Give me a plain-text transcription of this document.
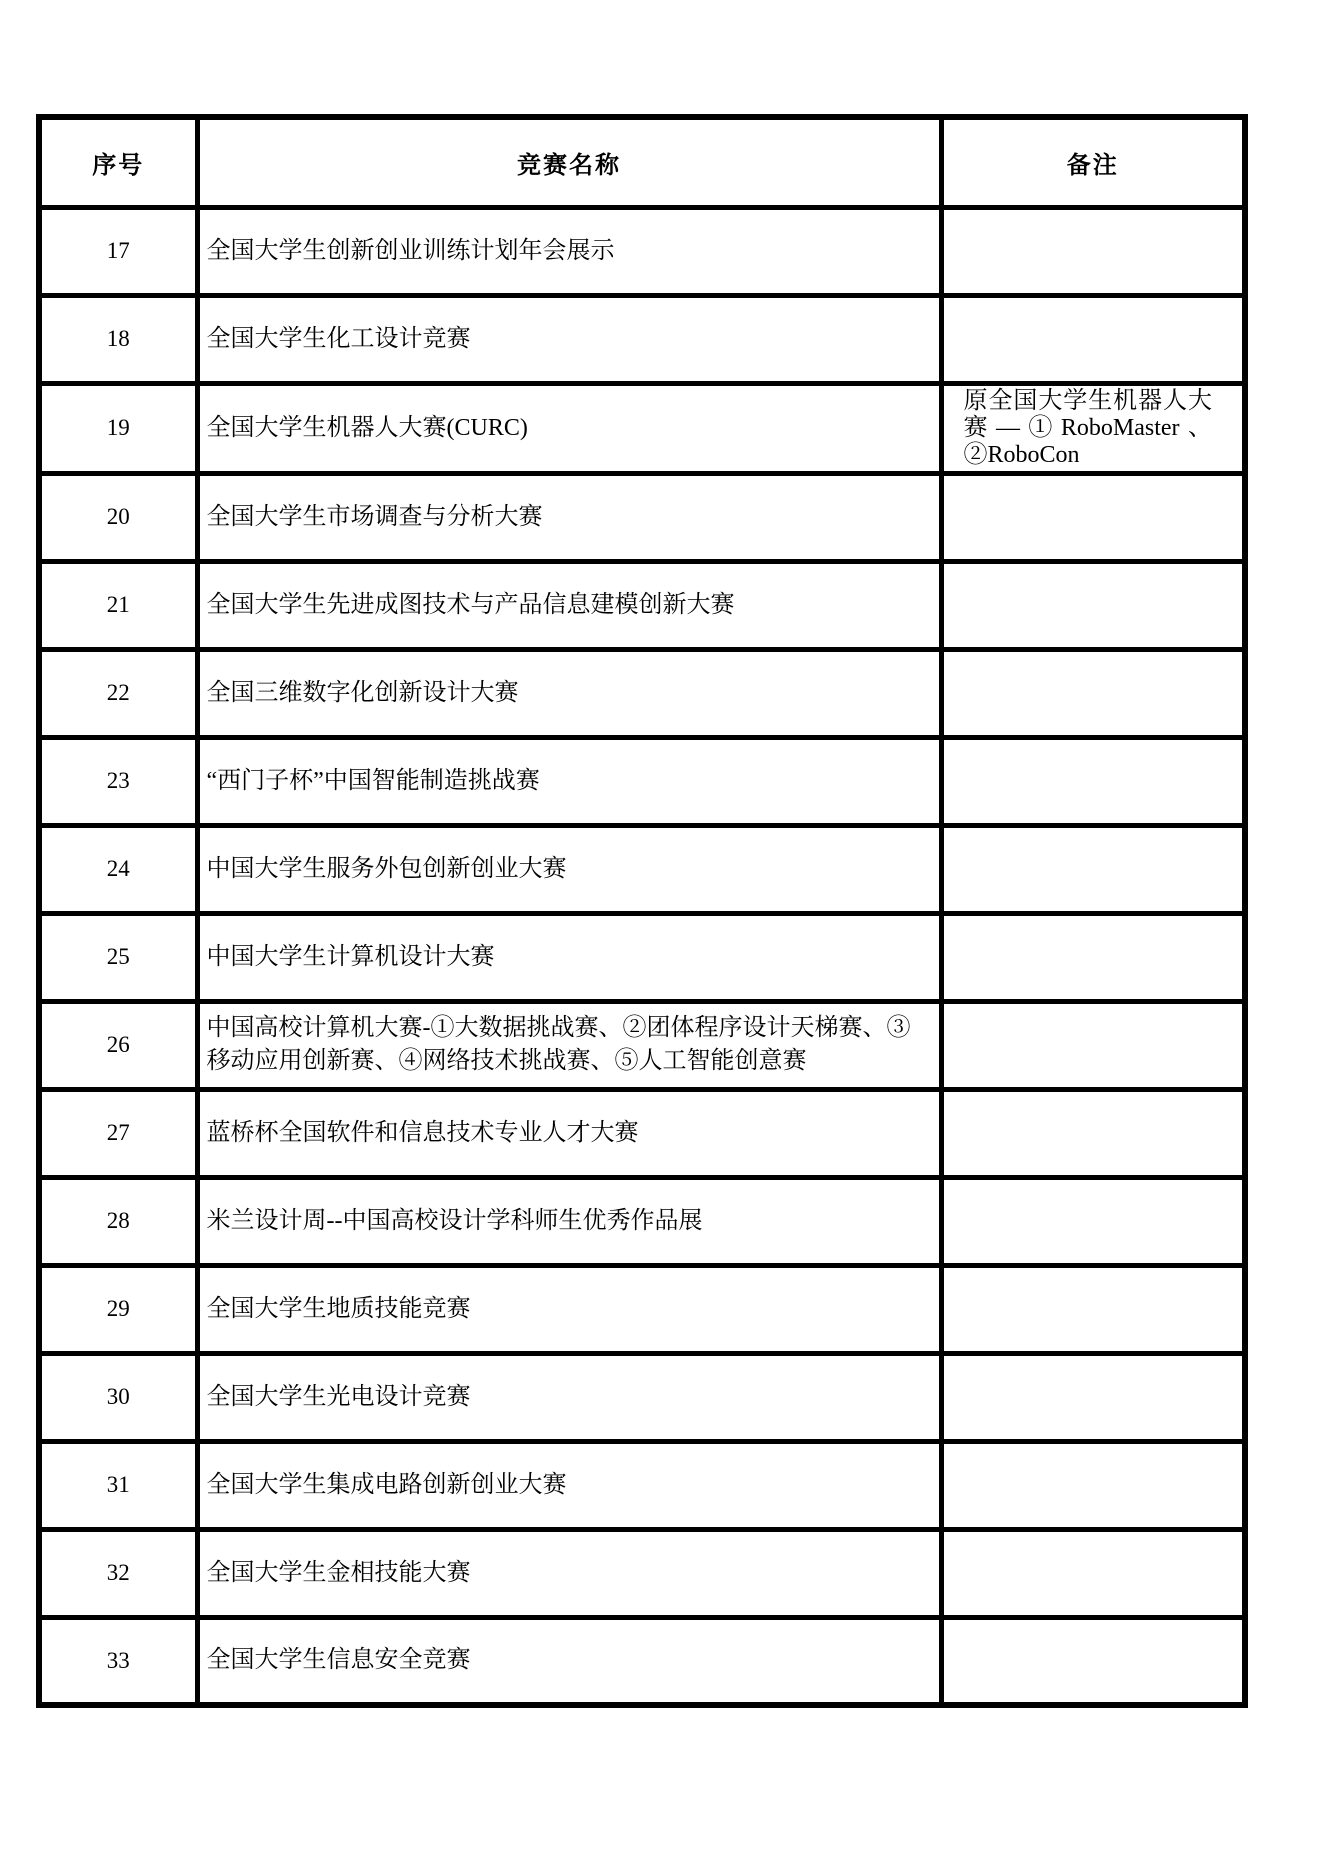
序号	竞赛名称	备注
17	全国大学生创新创业训练计划年会展示	
18	全国大学生化工设计竞赛	
19	全国大学生机器人大赛(CURC)	原全国大学生机器人大赛—①RoboMaster、②RoboCon
20	全国大学生市场调查与分析大赛	
21	全国大学生先进成图技术与产品信息建模创新大赛	
22	全国三维数字化创新设计大赛	
23	“西门子杯”中国智能制造挑战赛	
24	中国大学生服务外包创新创业大赛	
25	中国大学生计算机设计大赛	
26	中国高校计算机大赛-①大数据挑战赛、②团体程序设计天梯赛、③移动应用创新赛、④网络技术挑战赛、⑤人工智能创意赛	
27	蓝桥杯全国软件和信息技术专业人才大赛	
28	米兰设计周--中国高校设计学科师生优秀作品展	
29	全国大学生地质技能竞赛	
30	全国大学生光电设计竞赛	
31	全国大学生集成电路创新创业大赛	
32	全国大学生金相技能大赛	
33	全国大学生信息安全竞赛	
